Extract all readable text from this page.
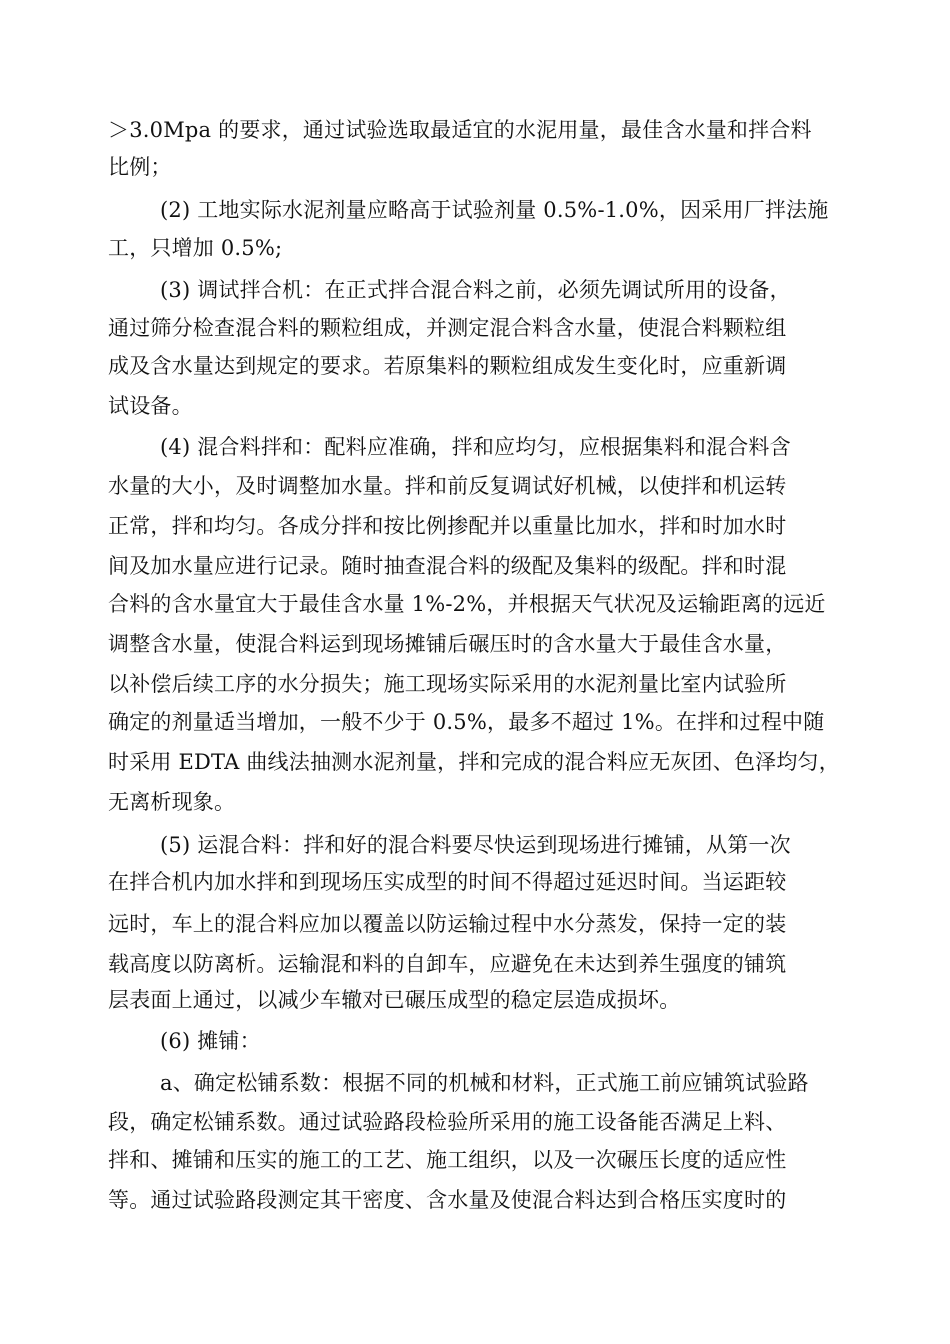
＞3.0Mpa 的要求，通过试验选取最适宜的水泥用量，最佳含水量和拌合料
比例；
(2) 工地实际水泥剂量应略高于试验剂量 0.5%-1.0%，因采用厂拌法施
工，只增加 0.5%;
(3) 调试拌合机：在正式拌合混合料之前，必须先调试所用的设备，
通过筛分检查混合料的颗粒组成，并测定混合料含水量，使混合料颗粒组
成及含水量达到规定的要求。若原集料的颗粒组成发生变化时，应重新调
试设备。
(4) 混合料拌和：配料应准确，拌和应均匀，应根据集料和混合料含
水量的大小，及时调整加水量。拌和前反复调试好机械，以使拌和机运转
正常，拌和均匀。各成分拌和按比例掺配并以重量比加水，拌和时加水时
间及加水量应进行记录。随时抽查混合料的级配及集料的级配。拌和时混
合料的含水量宜大于最佳含水量 1%-2%，并根据天气状况及运输距离的远近
调整含水量，使混合料运到现场摊铺后碾压时的含水量大于最佳含水量，
以补偿后续工序的水分损失；施工现场实际采用的水泥剂量比室内试验所
确定的剂量适当增加，一般不少于 0.5%，最多不超过 1%。在拌和过程中随
时采用 EDTA 曲线法抽测水泥剂量，拌和完成的混合料应无灰团、色泽均匀，
无离析现象。
(5) 运混合料：拌和好的混合料要尽快运到现场进行摊铺，从第一次
在拌合机内加水拌和到现场压实成型的时间不得超过延迟时间。当运距较
远时，车上的混合料应加以覆盖以防运输过程中水分蒸发，保持一定的装
载高度以防离析。运输混和料的自卸车，应避免在未达到养生强度的铺筑
层表面上通过，以减少车辙对已碾压成型的稳定层造成损坏。
(6) 摊铺：
a、确定松铺系数：根据不同的机械和材料，正式施工前应铺筑试验路
段，确定松铺系数。通过试验路段检验所采用的施工设备能否满足上料、
拌和、摊铺和压实的施工的工艺、施工组织，以及一次碾压长度的适应性
等。通过试验路段测定其干密度、含水量及使混合料达到合格压实度时的
